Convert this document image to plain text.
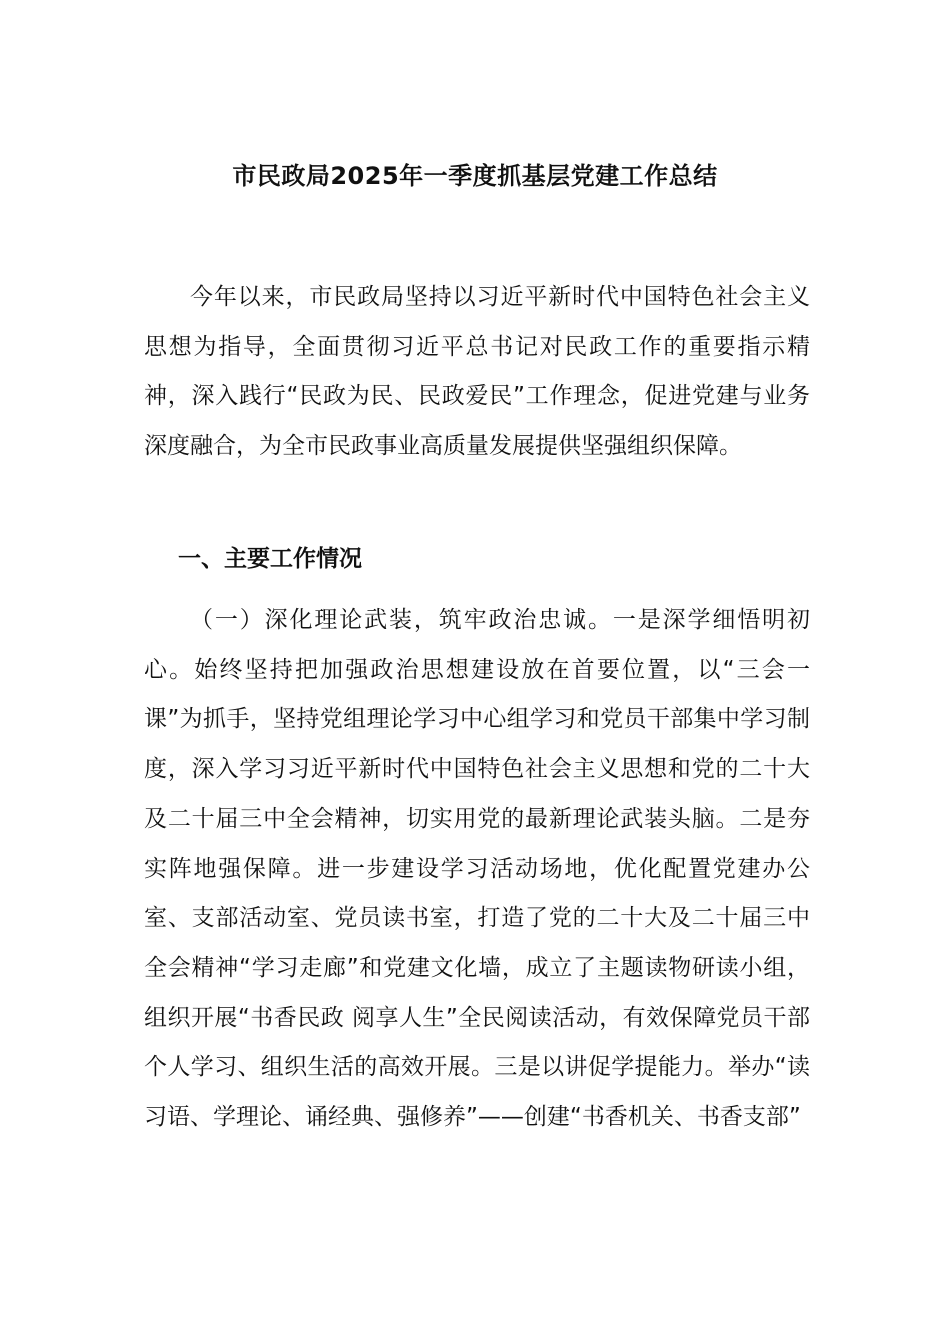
市民政局2025年一季度抓基层党建工作总结

今年以来，市民政局坚持以习近平新时代中国特色社会主义思想为指导，全面贯彻习近平总书记对民政工作的重要指示精神，深入践行“民政为民、民政爱民”工作理念，促进党建与业务深度融合，为全市民政事业高质量发展提供坚强组织保障。

一、主要工作情况

（一）深化理论武装，筑牢政治忠诚。一是深学细悟明初心。始终坚持把加强政治思想建设放在首要位置，以“三会一课”为抓手，坚持党组理论学习中心组学习和党员干部集中学习制度，深入学习习近平新时代中国特色社会主义思想和党的二十大及二十届三中全会精神，切实用党的最新理论武装头脑。二是夯实阵地强保障。进一步建设学习活动场地，优化配置党建办公室、支部活动室、党员读书室，打造了党的二十大及二十届三中全会精神“学习走廊”和党建文化墙，成立了主题读物研读小组，组织开展“书香民政 阅享人生”全民阅读活动，有效保障党员干部个人学习、组织生活的高效开展。三是以讲促学提能力。举办“读习语、学理论、诵经典、强修养”——创建“书香机关、书香支部”
